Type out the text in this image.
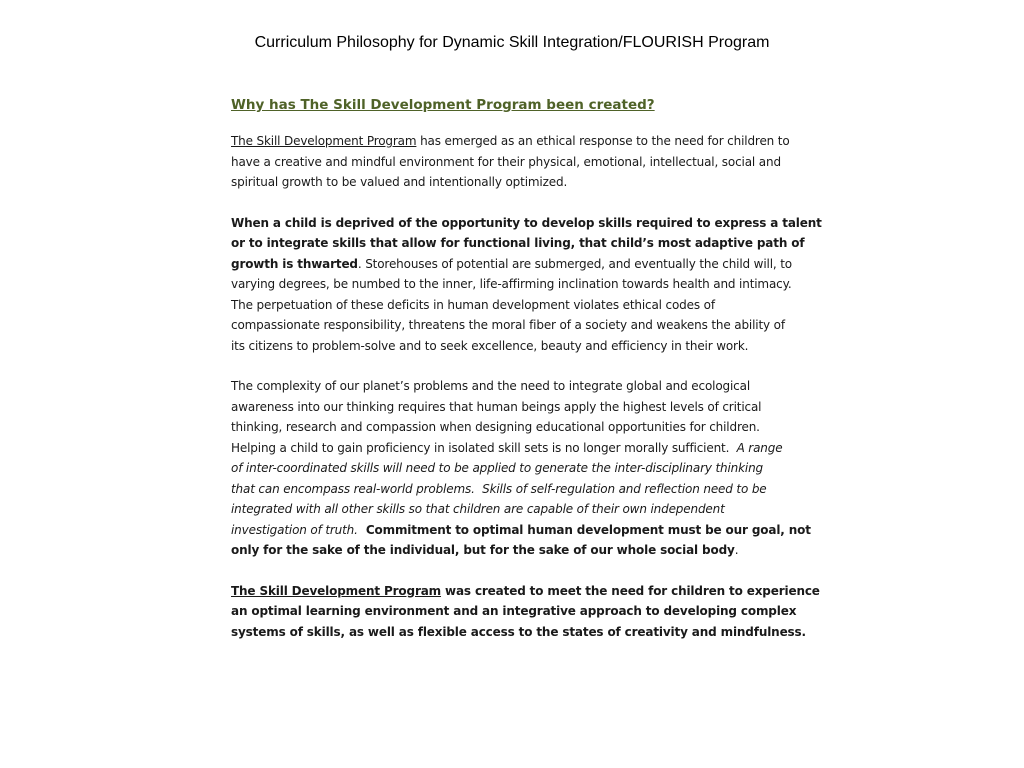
Curriculum Philosophy for Dynamic Skill Integration/FLOURISH Program
Why has The Skill Development Program been created?
The Skill Development Program has emerged as an ethical response to the need for children to
have a creative and mindful environment for their physical, emotional, intellectual, social and
spiritual growth to be valued and intentionally optimized.
When a child is deprived of the opportunity to develop skills required to express a talent
or to integrate skills that allow for functional living, that child’s most adaptive path of
growth is thwarted. Storehouses of potential are submerged, and eventually the child will, to
varying degrees, be numbed to the inner, life-affirming inclination towards health and intimacy.
The perpetuation of these deficits in human development violates ethical codes of
compassionate responsibility, threatens the moral fiber of a society and weakens the ability of
its citizens to problem-solve and to seek excellence, beauty and efficiency in their work.
The complexity of our planet’s problems and the need to integrate global and ecological
awareness into our thinking requires that human beings apply the highest levels of critical
thinking, research and compassion when designing educational opportunities for children.
Helping a child to gain proficiency in isolated skill sets is no longer morally sufficient.  A range
of inter-coordinated skills will need to be applied to generate the inter-disciplinary thinking
that can encompass real-world problems.  Skills of self-regulation and reflection need to be
integrated with all other skills so that children are capable of their own independent
investigation of truth.  Commitment to optimal human development must be our goal, not
only for the sake of the individual, but for the sake of our whole social body.
The Skill Development Program was created to meet the need for children to experience
an optimal learning environment and an integrative approach to developing complex
systems of skills, as well as flexible access to the states of creativity and mindfulness.
